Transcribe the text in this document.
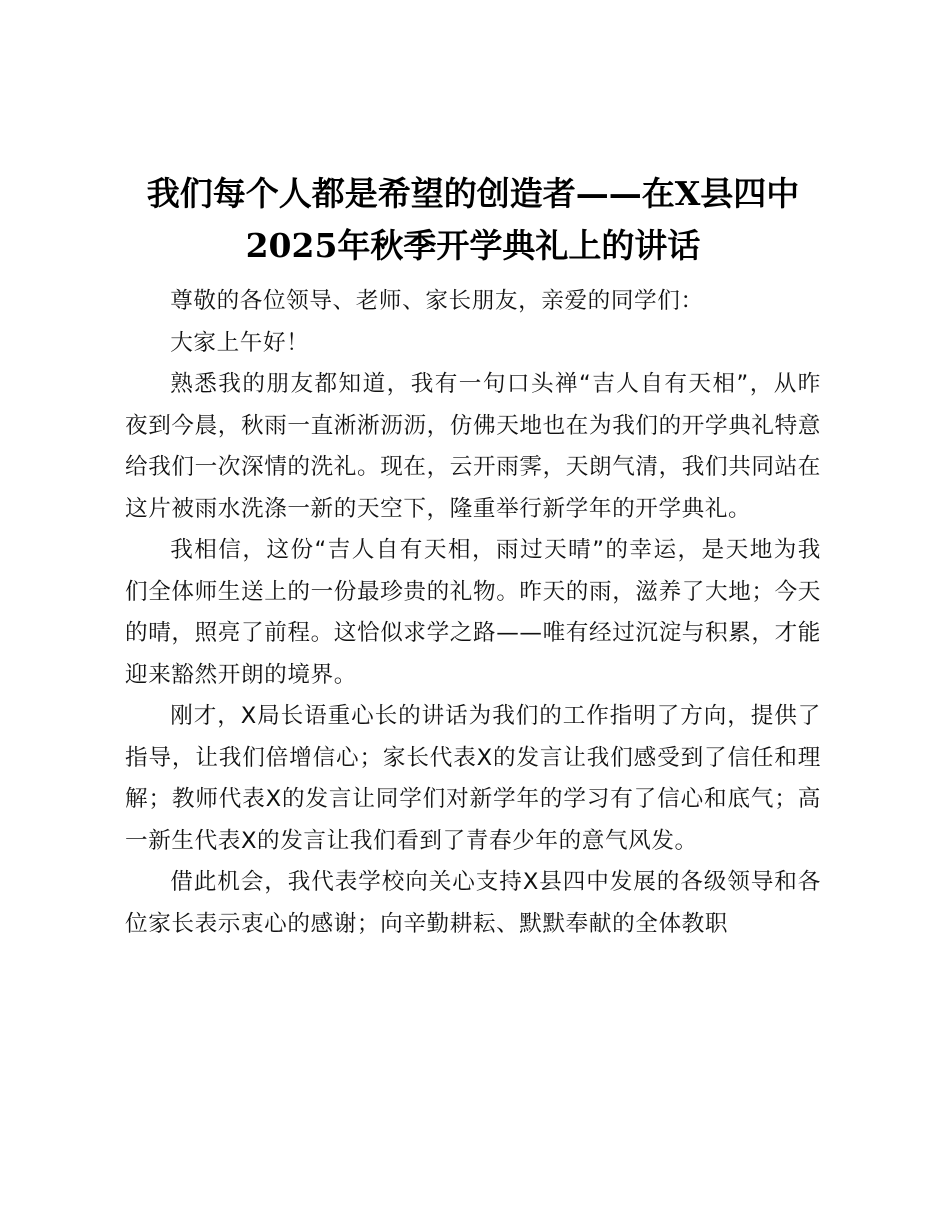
我们每个人都是希望的创造者——在X县四中
2025年秋季开学典礼上的讲话

尊敬的各位领导、老师、家长朋友，亲爱的同学们：

大家上午好！

熟悉我的朋友都知道，我有一句口头禅“吉人自有天相”，从昨夜到今晨，秋雨一直淅淅沥沥，仿佛天地也在为我们的开学典礼特意给我们一次深情的洗礼。现在，云开雨霁，天朗气清，我们共同站在这片被雨水洗涤一新的天空下，隆重举行新学年的开学典礼。

我相信，这份“吉人自有天相，雨过天晴”的幸运，是天地为我们全体师生送上的一份最珍贵的礼物。昨天的雨，滋养了大地；今天的晴，照亮了前程。这恰似求学之路——唯有经过沉淀与积累，才能迎来豁然开朗的境界。

刚才，X局长语重心长的讲话为我们的工作指明了方向，提供了指导，让我们倍增信心；家长代表X的发言让我们感受到了信任和理解；教师代表X的发言让同学们对新学年的学习有了信心和底气；高一新生代表X的发言让我们看到了青春少年的意气风发。

借此机会，我代表学校向关心支持X县四中发展的各级领导和各位家长表示衷心的感谢；向辛勤耕耘、默默奉献的全体教职
